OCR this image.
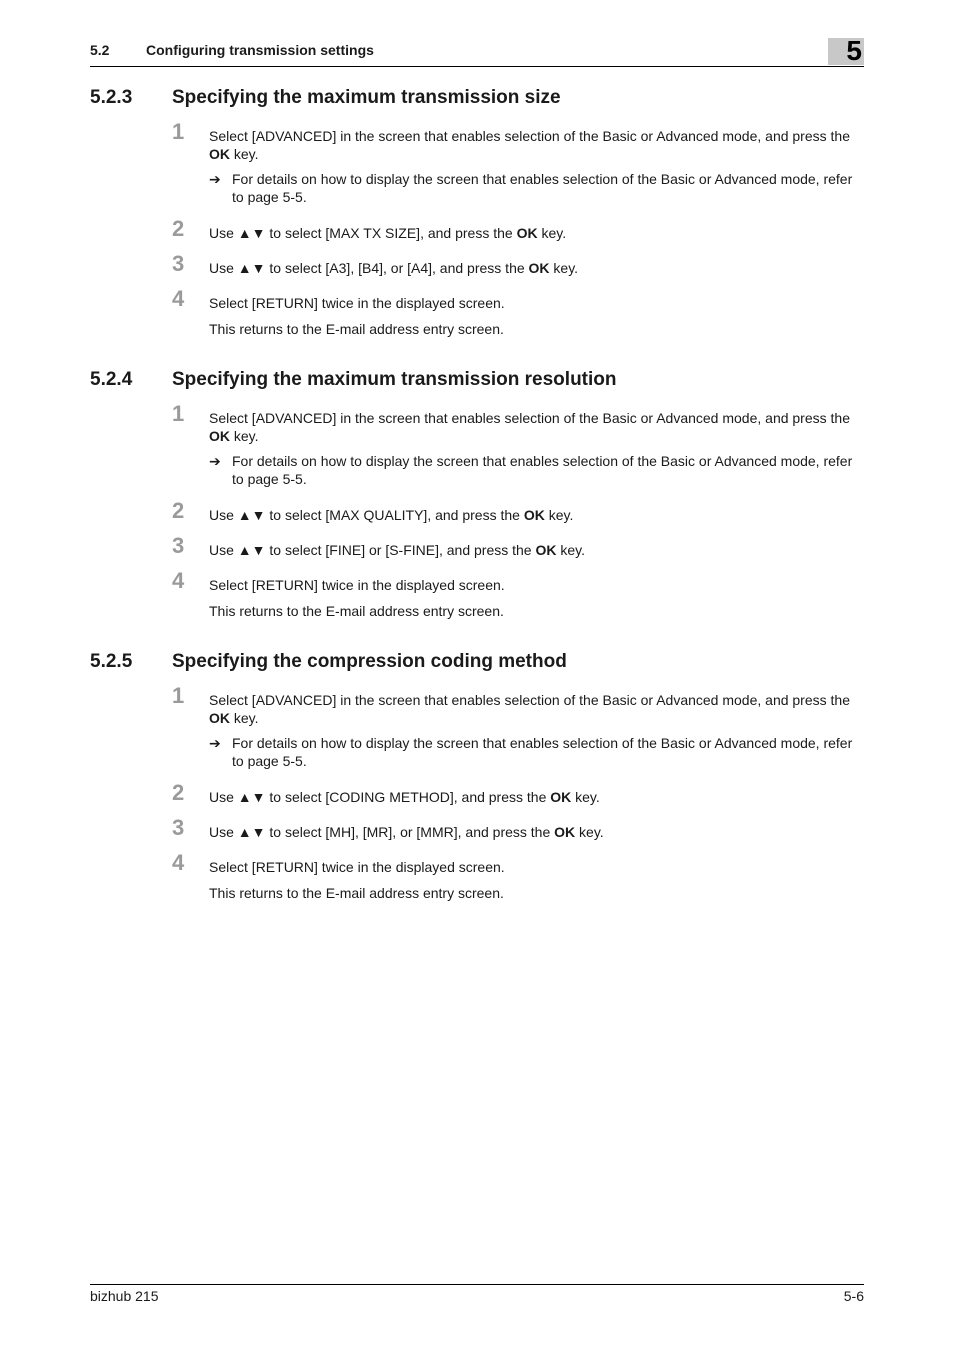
5.2	Configuring transmission settings	5
5.2.3 Specifying the maximum transmission size
1 Select [ADVANCED] in the screen that enables selection of the Basic or Advanced mode, and press the OK key.
➔ For details on how to display the screen that enables selection of the Basic or Advanced mode, refer to page 5-5.
2 Use ▲▼ to select [MAX TX SIZE], and press the OK key.
3 Use ▲▼ to select [A3], [B4], or [A4], and press the OK key.
4 Select [RETURN] twice in the displayed screen.
This returns to the E-mail address entry screen.
5.2.4 Specifying the maximum transmission resolution
1 Select [ADVANCED] in the screen that enables selection of the Basic or Advanced mode, and press the OK key.
➔ For details on how to display the screen that enables selection of the Basic or Advanced mode, refer to page 5-5.
2 Use ▲▼ to select [MAX QUALITY], and press the OK key.
3 Use ▲▼ to select [FINE] or [S-FINE], and press the OK key.
4 Select [RETURN] twice in the displayed screen.
This returns to the E-mail address entry screen.
5.2.5 Specifying the compression coding method
1 Select [ADVANCED] in the screen that enables selection of the Basic or Advanced mode, and press the OK key.
➔ For details on how to display the screen that enables selection of the Basic or Advanced mode, refer to page 5-5.
2 Use ▲▼ to select [CODING METHOD], and press the OK key.
3 Use ▲▼ to select [MH], [MR], or [MMR], and press the OK key.
4 Select [RETURN] twice in the displayed screen.
This returns to the E-mail address entry screen.
bizhub 215	5-6
